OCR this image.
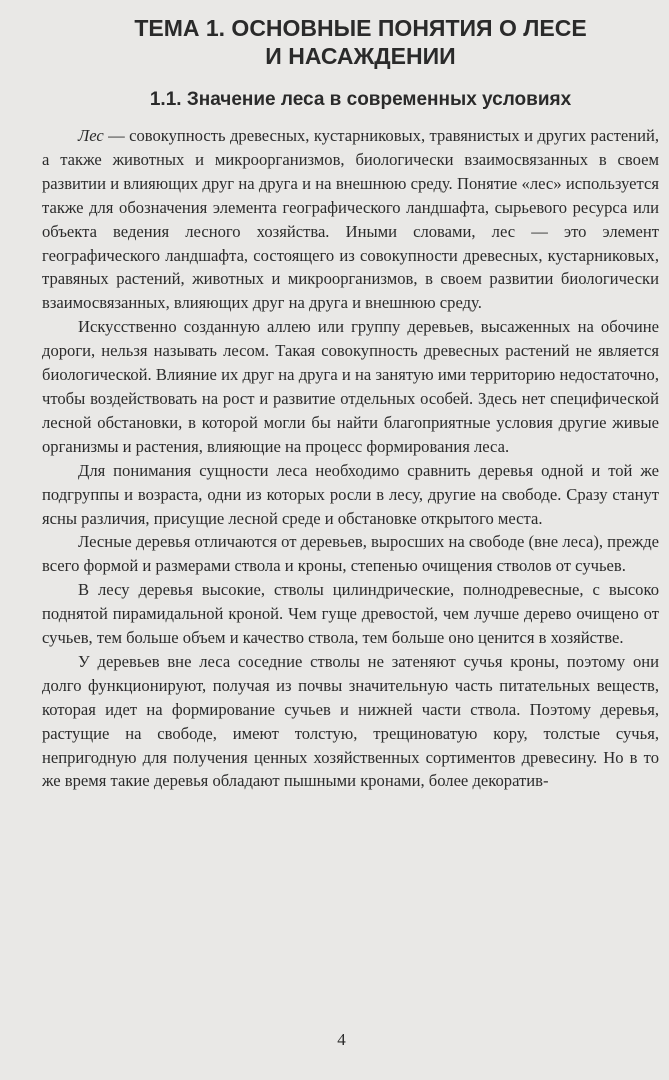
ТЕМА 1. ОСНОВНЫЕ ПОНЯТИЯ О ЛЕСЕ
И НАСАЖДЕНИИ
1.1. Значение леса в современных условиях

Лес — совокупность древесных, кустарниковых, травянистых и других растений, а также животных и микроорганизмов, биологически взаимосвязанных в своем развитии и влияющих друг на друга и на внешнюю среду. Понятие «лес» используется также для обозначения элемента географического ландшафта, сырьевого ресурса или объекта ведения лесного хозяйства. Иными словами, лес — это элемент географического ландшафта, состоящего из совокупности древесных, кустарниковых, травяных растений, животных и микроорганизмов, в своем развитии биологически взаимосвязанных, влияющих друг на друга и внешнюю среду.

Искусственно созданную аллею или группу деревьев, высаженных на обочине дороги, нельзя называть лесом. Такая совокупность древесных растений не является биологической. Влияние их друг на друга и на занятую ими территорию недостаточно, чтобы воздействовать на рост и развитие отдельных особей. Здесь нет специфической лесной обстановки, в которой могли бы найти благоприятные условия другие живые организмы и растения, влияющие на процесс формирования леса.

Для понимания сущности леса необходимо сравнить деревья одной и той же подгруппы и возраста, одни из которых росли в лесу, другие на свободе. Сразу станут ясны различия, присущие лесной среде и обстановке открытого места.

Лесные деревья отличаются от деревьев, выросших на свободе (вне леса), прежде всего формой и размерами ствола и кроны, степенью очищения стволов от сучьев.

В лесу деревья высокие, стволы цилиндрические, полнодревесные, с высоко поднятой пирамидальной кроной. Чем гуще древостой, чем лучше дерево очищено от сучьев, тем больше объем и качество ствола, тем больше оно ценится в хозяйстве.

У деревьев вне леса соседние стволы не затеняют сучья кроны, поэтому они долго функционируют, получая из почвы значительную часть питательных веществ, которая идет на формирование сучьев и нижней части ствола. Поэтому деревья, растущие на свободе, имеют толстую, трещиноватую кору, толстые сучья, непригодную для получения ценных хозяйственных сортиментов древесину. Но в то же время такие деревья обладают пышными кронами, более декоратив-

4
